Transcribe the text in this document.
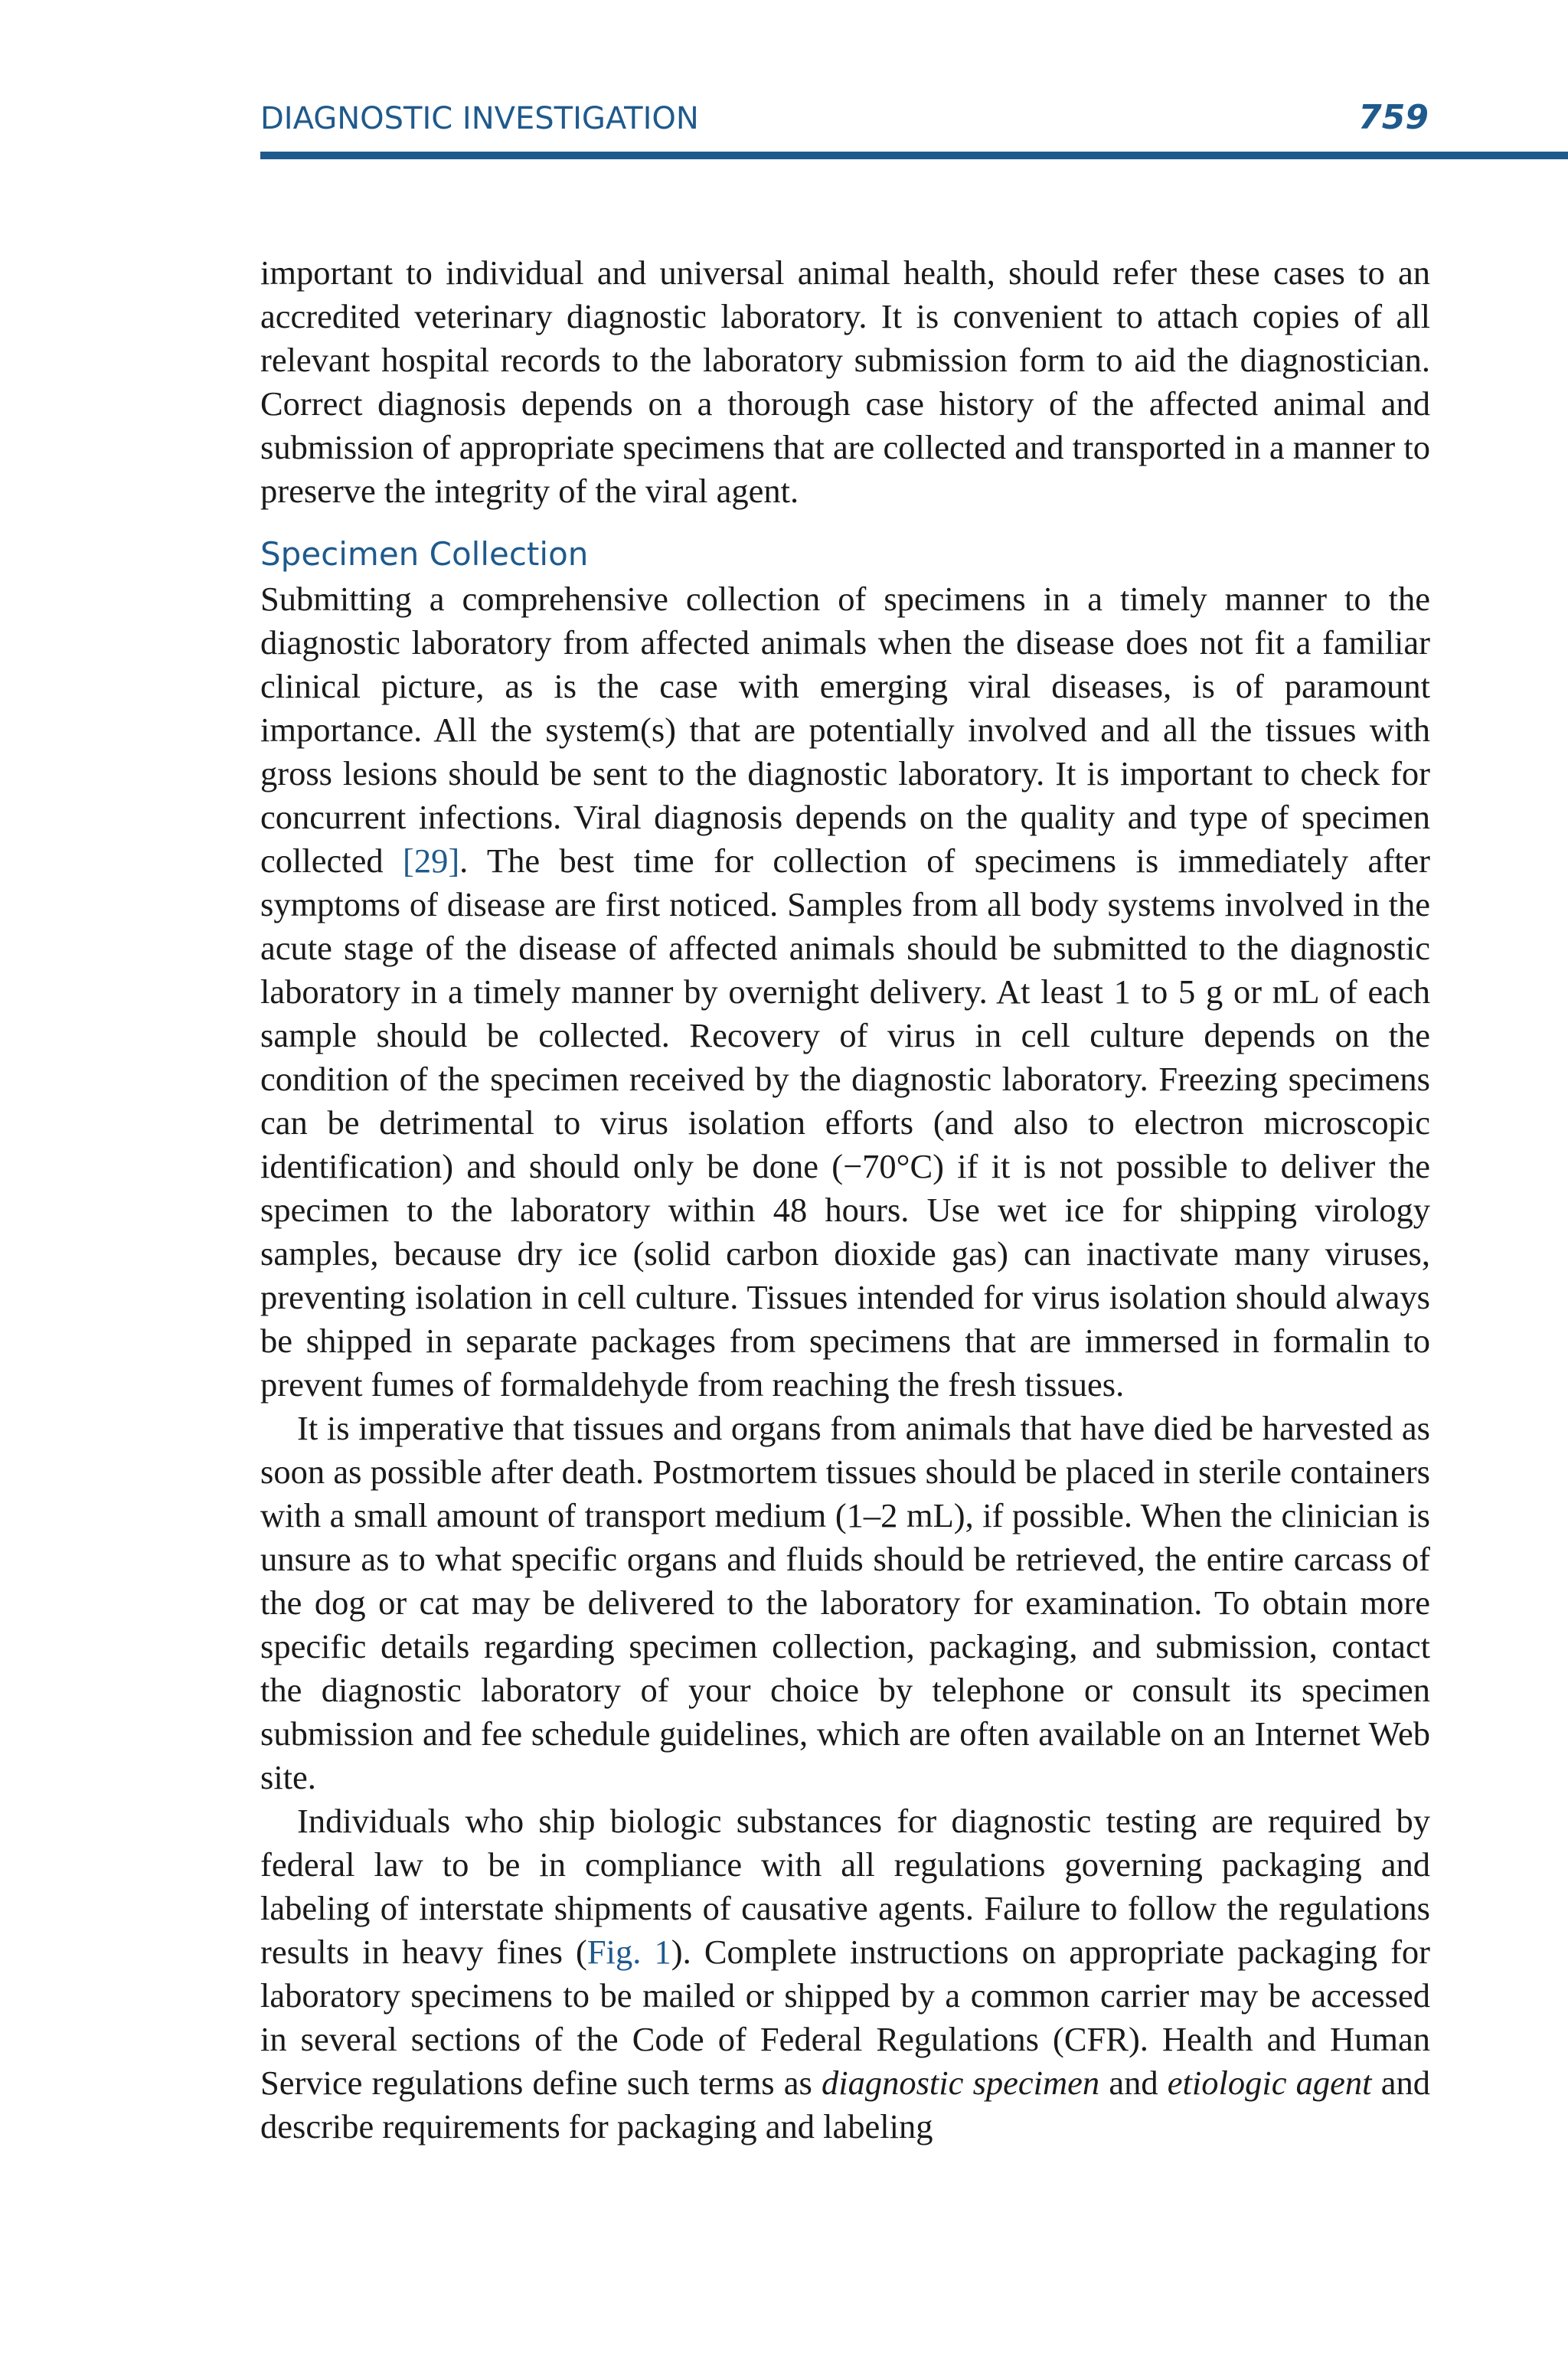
DIAGNOSTIC INVESTIGATION	759

important to individual and universal animal health, should refer these cases to an accredited veterinary diagnostic laboratory. It is convenient to attach copies of all relevant hospital records to the laboratory submission form to aid the diagnostician. Correct diagnosis depends on a thorough case history of the affected animal and submission of appropriate specimens that are collected and transported in a manner to preserve the integrity of the viral agent.

Specimen Collection

Submitting a comprehensive collection of specimens in a timely manner to the diagnostic laboratory from affected animals when the disease does not fit a familiar clinical picture, as is the case with emerging viral diseases, is of paramount importance. All the system(s) that are potentially involved and all the tissues with gross lesions should be sent to the diagnostic laboratory. It is important to check for concurrent infections. Viral diagnosis depends on the quality and type of specimen collected [29]. The best time for collection of specimens is immediately after symptoms of disease are first noticed. Samples from all body systems involved in the acute stage of the disease of affected animals should be submitted to the diagnostic laboratory in a timely manner by overnight delivery. At least 1 to 5 g or mL of each sample should be collected. Recovery of virus in cell culture depends on the condition of the specimen received by the diagnostic laboratory. Freezing specimens can be detrimental to virus isolation efforts (and also to electron microscopic identification) and should only be done (−70°C) if it is not possible to deliver the specimen to the laboratory within 48 hours. Use wet ice for shipping virology samples, because dry ice (solid carbon dioxide gas) can inactivate many viruses, preventing isolation in cell culture. Tissues intended for virus isolation should always be shipped in separate packages from specimens that are immersed in formalin to prevent fumes of formaldehyde from reaching the fresh tissues.

It is imperative that tissues and organs from animals that have died be harvested as soon as possible after death. Postmortem tissues should be placed in sterile containers with a small amount of transport medium (1–2 mL), if possible. When the clinician is unsure as to what specific organs and fluids should be retrieved, the entire carcass of the dog or cat may be delivered to the laboratory for examination. To obtain more specific details regarding specimen collection, packaging, and submission, contact the diagnostic laboratory of your choice by telephone or consult its specimen submission and fee schedule guidelines, which are often available on an Internet Web site.

Individuals who ship biologic substances for diagnostic testing are required by federal law to be in compliance with all regulations governing packaging and labeling of interstate shipments of causative agents. Failure to follow the regulations results in heavy fines (Fig. 1). Complete instructions on appropriate packaging for laboratory specimens to be mailed or shipped by a common carrier may be accessed in several sections of the Code of Federal Regulations (CFR). Health and Human Service regulations define such terms as diagnostic specimen and etiologic agent and describe requirements for packaging and labeling
